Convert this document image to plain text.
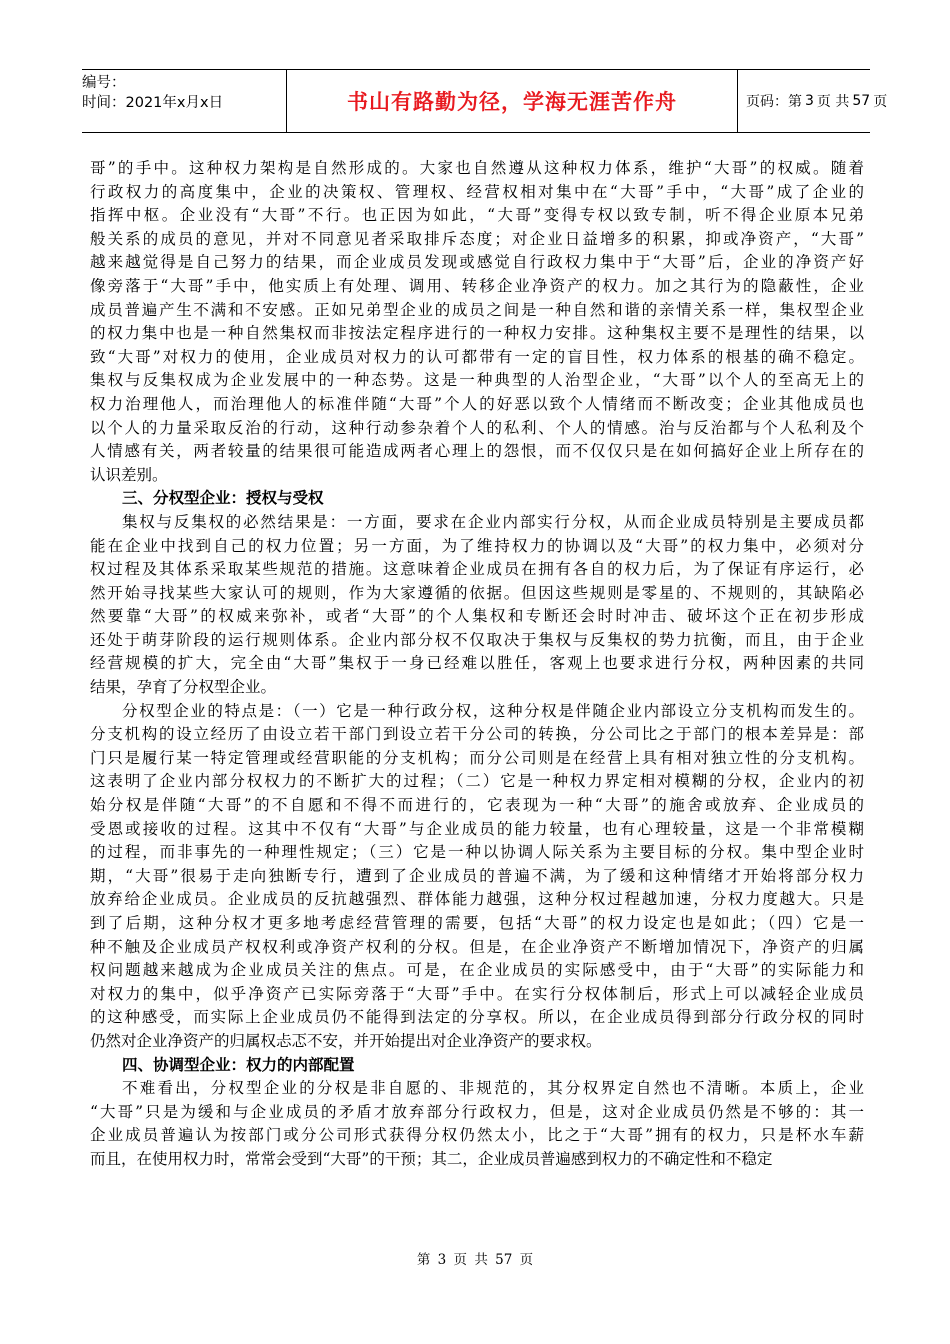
编号：
时间：2021年x月x日	书山有路勤为径，学海无涯苦作舟	页码：第 3 页 共 57 页
哥”的手中。这种权力架构是自然形成的。大家也自然遵从这种权力体系，维护“大哥”的权威。随着
行政权力的高度集中，企业的决策权、管理权、经营权相对集中在“大哥”手中，“大哥”成了企业的
指挥中枢。企业没有“大哥”不行。也正因为如此，“大哥”变得专权以致专制，听不得企业原本兄弟
般关系的成员的意见，并对不同意见者采取排斥态度；对企业日益增多的积累，抑或净资产，“大哥”
越来越觉得是自己努力的结果，而企业成员发现或感觉自行政权力集中于“大哥”后，企业的净资产好
像旁落于“大哥”手中，他实质上有处理、调用、转移企业净资产的权力。加之其行为的隐蔽性，企业
成员普遍产生不满和不安感。正如兄弟型企业的成员之间是一种自然和谐的亲情关系一样，集权型企业
的权力集中也是一种自然集权而非按法定程序进行的一种权力安排。这种集权主要不是理性的结果，以
致“大哥”对权力的使用，企业成员对权力的认可都带有一定的盲目性，权力体系的根基的确不稳定。
集权与反集权成为企业发展中的一种态势。这是一种典型的人治型企业，“大哥”以个人的至高无上的
权力治理他人，而治理他人的标准伴随“大哥”个人的好恶以致个人情绪而不断改变；企业其他成员也
以个人的力量采取反治的行动，这种行动参杂着个人的私利、个人的情感。治与反治都与个人私利及个
人情感有关，两者较量的结果很可能造成两者心理上的怨恨，而不仅仅只是在如何搞好企业上所存在的
认识差别。
三、分权型企业：授权与受权
集权与反集权的必然结果是：一方面，要求在企业内部实行分权，从而企业成员特别是主要成员都
能在企业中找到自己的权力位置；另一方面，为了维持权力的协调以及“大哥”的权力集中，必须对分
权过程及其体系采取某些规范的措施。这意味着企业成员在拥有各自的权力后，为了保证有序运行，必
然开始寻找某些大家认可的规则，作为大家遵循的依据。但因这些规则是零星的、不规则的，其缺陷必
然要靠“大哥”的权威来弥补，或者“大哥”的个人集权和专断还会时时冲击、破坏这个正在初步形成
还处于萌芽阶段的运行规则体系。企业内部分权不仅取决于集权与反集权的势力抗衡，而且，由于企业
经营规模的扩大，完全由“大哥”集权于一身已经难以胜任，客观上也要求进行分权，两种因素的共同
结果，孕育了分权型企业。
分权型企业的特点是：（一）它是一种行政分权，这种分权是伴随企业内部设立分支机构而发生的。
分支机构的设立经历了由设立若干部门到设立若干分公司的转换，分公司比之于部门的根本差异是：部
门只是履行某一特定管理或经营职能的分支机构；而分公司则是在经营上具有相对独立性的分支机构。
这表明了企业内部分权权力的不断扩大的过程；（二）它是一种权力界定相对模糊的分权，企业内的初
始分权是伴随“大哥”的不自愿和不得不而进行的，它表现为一种“大哥”的施舍或放弃、企业成员的
受恩或接收的过程。这其中不仅有“大哥”与企业成员的能力较量，也有心理较量，这是一个非常模糊
的过程，而非事先的一种理性规定；（三）它是一种以协调人际关系为主要目标的分权。集中型企业时
期，“大哥”很易于走向独断专行，遭到了企业成员的普遍不满，为了缓和这种情绪才开始将部分权力
放弃给企业成员。企业成员的反抗越强烈、群体能力越强，这种分权过程越加速，分权力度越大。只是
到了后期，这种分权才更多地考虑经营管理的需要，包括“大哥”的权力设定也是如此；（四）它是一
种不触及企业成员产权权利或净资产权利的分权。但是，在企业净资产不断增加情况下，净资产的归属
权问题越来越成为企业成员关注的焦点。可是，在企业成员的实际感受中，由于“大哥”的实际能力和
对权力的集中，似乎净资产已实际旁落于“大哥”手中。在实行分权体制后，形式上可以减轻企业成员
的这种感受，而实际上企业成员仍不能得到法定的分享权。所以，在企业成员得到部分行政分权的同时
仍然对企业净资产的归属权忐忑不安，并开始提出对企业净资产的要求权。
四、协调型企业：权力的内部配置
不难看出，分权型企业的分权是非自愿的、非规范的，其分权界定自然也不清晰。本质上，企业
“大哥”只是为缓和与企业成员的矛盾才放弃部分行政权力，但是，这对企业成员仍然是不够的：其一
企业成员普遍认为按部门或分公司形式获得分权仍然太小，比之于“大哥”拥有的权力，只是杯水车薪
而且，在使用权力时，常常会受到“大哥”的干预；其二，企业成员普遍感到权力的不确定性和不稳定
第 3 页 共 57 页
